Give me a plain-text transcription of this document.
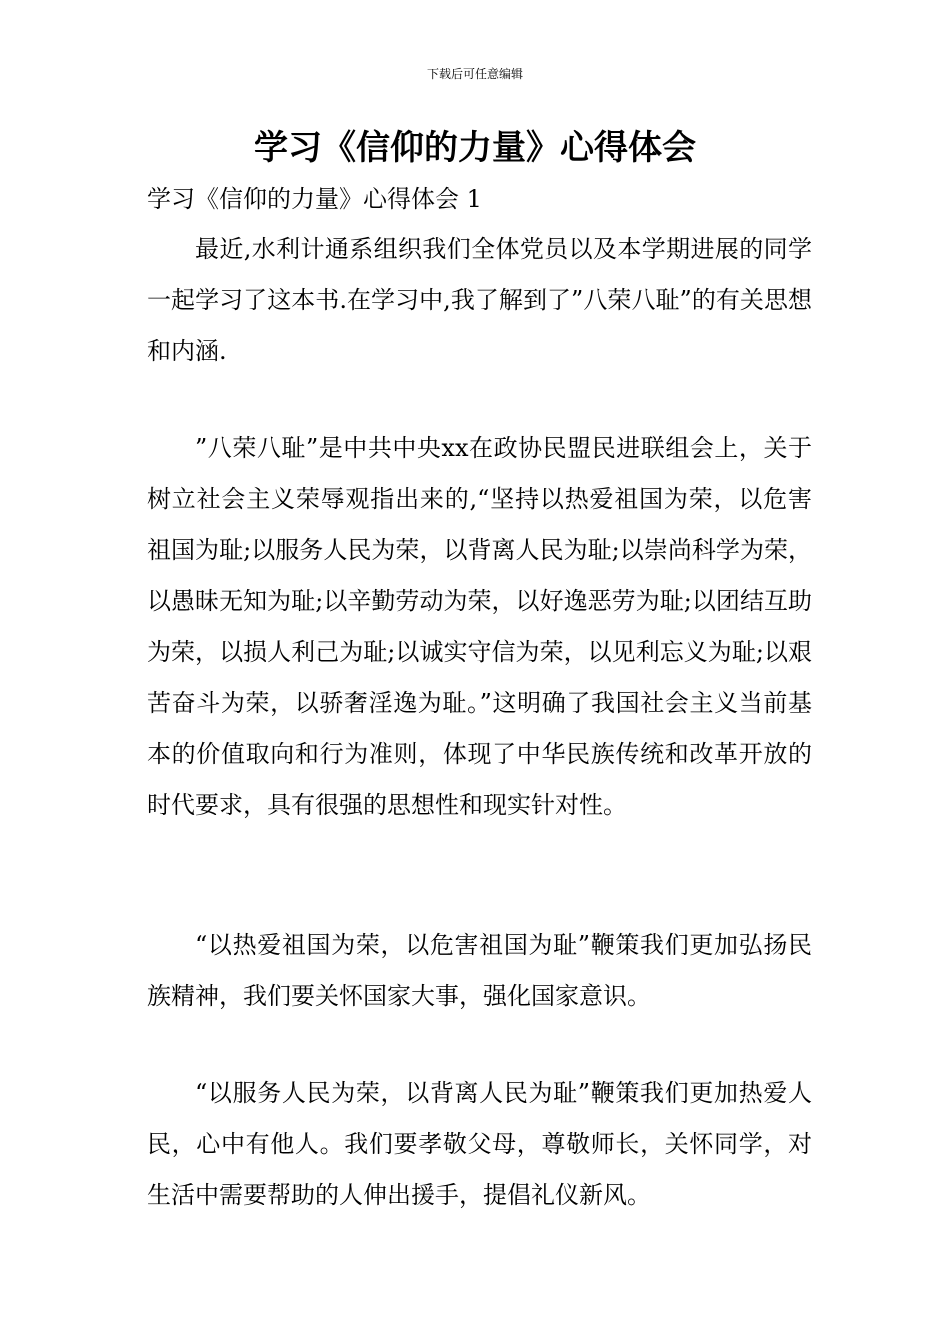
下载后可任意编辑
学习《信仰的力量》心得体会
学习《信仰的力量》心得体会 1

最近,水利计通系组织我们全体党员以及本学期进展的同学一起学习了这本书.在学习中,我了解到了”八荣八耻”的有关思想和内涵.

”八荣八耻”是中共中央xx在政协民盟民进联组会上，关于树立社会主义荣辱观指出来的,“坚持以热爱祖国为荣，以危害祖国为耻;以服务人民为荣，以背离人民为耻;以崇尚科学为荣，以愚昧无知为耻;以辛勤劳动为荣，以好逸恶劳为耻;以团结互助为荣，以损人利己为耻;以诚实守信为荣，以见利忘义为耻;以艰苦奋斗为荣，以骄奢淫逸为耻。”这明确了我国社会主义当前基本的价值取向和行为准则，体现了中华民族传统和改革开放的时代要求，具有很强的思想性和现实针对性。

“以热爱祖国为荣，以危害祖国为耻”鞭策我们更加弘扬民族精神，我们要关怀国家大事，强化国家意识。

“以服务人民为荣，以背离人民为耻”鞭策我们更加热爱人民，心中有他人。我们要孝敬父母，尊敬师长，关怀同学，对生活中需要帮助的人伸出援手，提倡礼仪新风。
